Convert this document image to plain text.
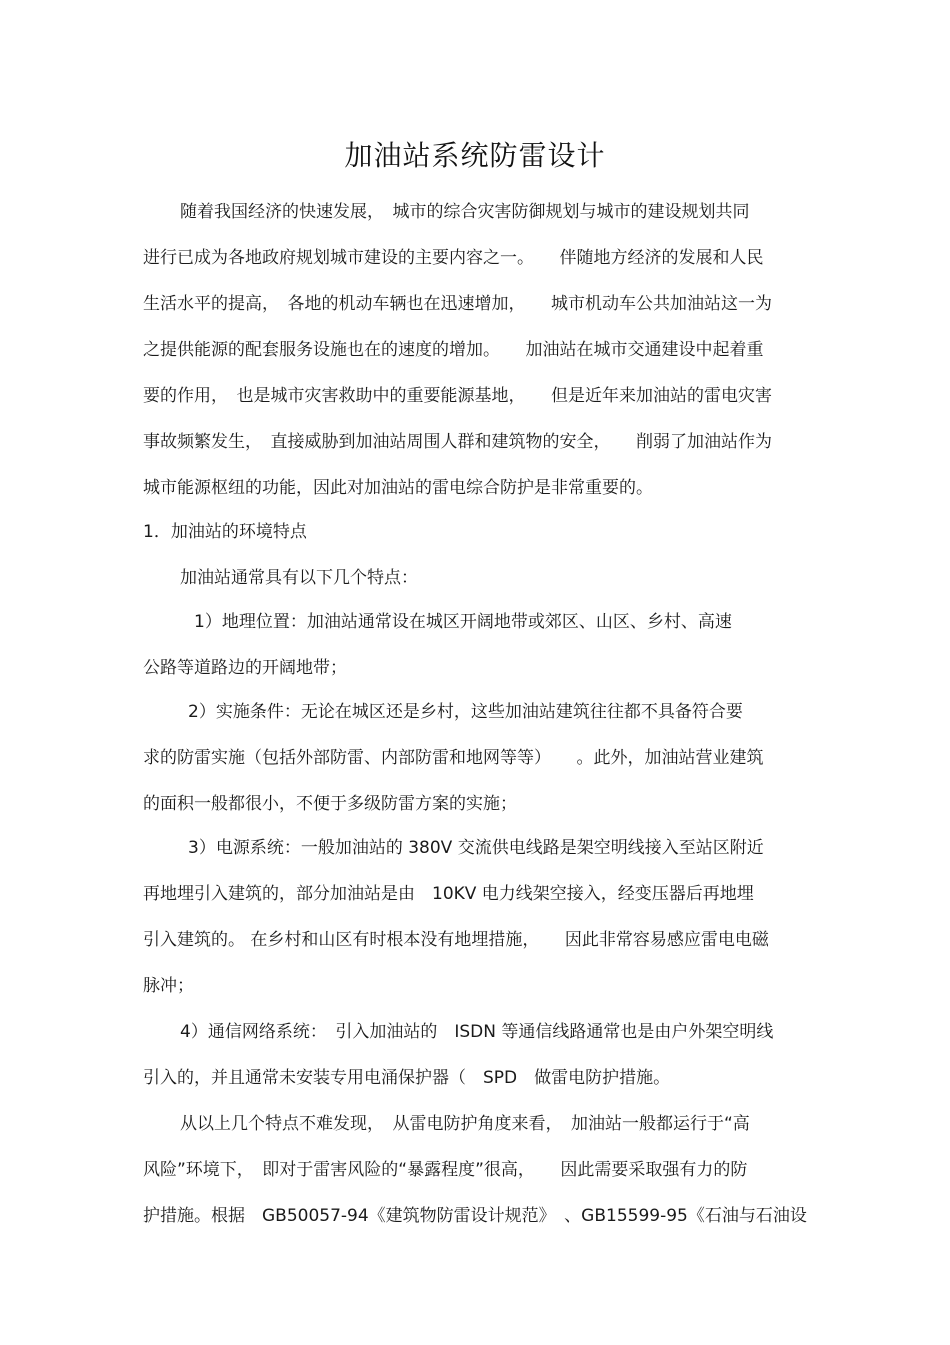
加油站系统防雷设计
随着我国经济的快速发展，　城市的综合灾害防御规划与城市的建设规划共同
进行已成为各地政府规划城市建设的主要内容之一。　　伴随地方经济的发展和人民
生活水平的提高，　各地的机动车辆也在迅速增加，　　城市机动车公共加油站这一为
之提供能源的配套服务设施也在的速度的增加。　　加油站在城市交通建设中起着重
要的作用，　也是城市灾害救助中的重要能源基地，　　但是近年来加油站的雷电灾害
事故频繁发生，　直接威胁到加油站周围人群和建筑物的安全，　　削弱了加油站作为
城市能源枢纽的功能，因此对加油站的雷电综合防护是非常重要的。
1．加油站的环境特点
加油站通常具有以下几个特点：
1）地理位置：加油站通常设在城区开阔地带或郊区、山区、乡村、高速
公路等道路边的开阔地带；
2）实施条件：无论在城区还是乡村，这些加油站建筑往往都不具备符合要
求的防雷实施（包括外部防雷、内部防雷和地网等等）　　。此外，加油站营业建筑
的面积一般都很小，不便于多级防雷方案的实施；
3）电源系统：一般加油站的 380V 交流供电线路是架空明线接入至站区附近
再地埋引入建筑的，部分加油站是由　10KV 电力线架空接入，经变压器后再地埋
引入建筑的。 在乡村和山区有时根本没有地埋措施，　　因此非常容易感应雷电电磁
脉冲；
4）通信网络系统：　引入加油站的　ISDN 等通信线路通常也是由户外架空明线
引入的，并且通常未安装专用电涌保护器（　SPD　做雷电防护措施。
从以上几个特点不难发现，　从雷电防护角度来看，　加油站一般都运行于“高
风险”环境下，　即对于雷害风险的“暴露程度”很高，　　因此需要采取强有力的防
护措施。根据　GB50057-94《建筑物防雷设计规范》　、GB15599-95《石油与石油设
